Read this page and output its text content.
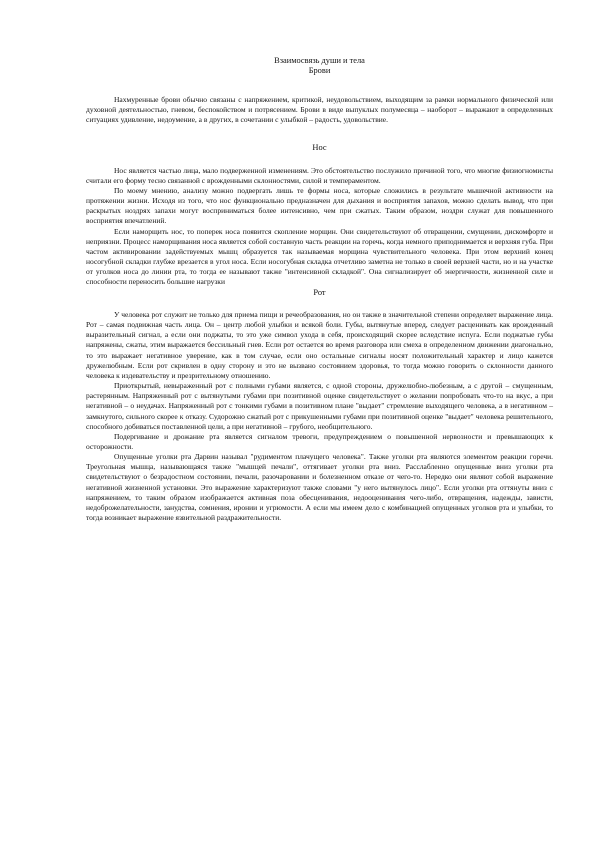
Взаимосвязь души и тела
Брови

Нахмуренные брови обычно связаны с напряжением, критикой, неудовольствием, выходящим за рамки нормального физической или духовной деятельностью, гневом, беспокойством и потрясением. Брови в виде выпуклых полумесяца – наоборот – выражают в определенных ситуациях удивление, недоумение, а в других, в сочетании с улыбкой – радость, удовольствие.

Нос

Нос является частью лица, мало подверженной изменениям. Это обстоятельство послужило причиной того, что многие физиогномисты считали его форму тесно связанной с врожденными склонностями, силой и темпераментом.

По моему мнению, анализу можно подвергать лишь те формы носа, которые сложились в результате мышечной активности на протяжении жизни. Исходя из того, что нос функционально предназначен для дыхания и восприятия запахов, можно сделать вывод, что при раскрытых ноздрях запахи могут восприниматься более интенсивно, чем при сжатых. Таким образом, ноздри служат для повышенного восприятия впечатлений.

Если наморщить нос, то поперек носа появится скопление морщин. Они свидетельствуют об отвращении, смущении, дискомфорте и неприязни. Процесс наморщивания носа является собой составную часть реакции на горечь, когда немного приподнимается и верхняя губа. При частом активировании задействуемых мышц образуется так называемая морщина чувствительного человека. При этом верхний конец носогубной складки глубже врезается в угол носа. Если носогубная складка отчетливо заметна не только в своей верхней части, но и на участке от уголков носа до линии рта, то тогда ее называют также "интенсивной складкой". Она сигнализирует об энергичности, жизненной силе и способности переносить большие нагрузки

Рот

У человека рот служит не только для приема пищи и речеобразования, но он также в значительной степени определяет выражение лица. Рот – самая подвижная часть лица. Он – центр любой улыбки и всякой боли. Губы, вытянутые вперед, следует расценивать как врожденный выразительный сигнал, а если они поджаты, то это уже символ ухода в себя, происходящий скорее вследствие испуга. Если поджатые губы напряжены, сжаты, этим выражается бессильный гнев. Если рот остается во время разговора или смеха в определенном движении диагонально, то это выражает негативное уверение, как в том случае, если оно остальные сигналы носят положительный характер и лицо кажется дружелюбным. Если рот скривлен в одну сторону и это не вызвано состоянием здоровья, то тогда можно говорить о склонности данного человека к издевательству и презрительному отношению.

Приоткрытый, невыраженный рот с полными губами является, с одной стороны, дружелюбно-любезным, а с другой – смущенным, растерянным. Напряженный рот с вытянутыми губами при позитивной оценке свидетельствует о желании попробовать что-то на вкус, а при негативной – о неудачах. Напряженный рот с тонкими губами в позитивном плане "выдает" стремление выходящего человека, а в негативном – замкнутого, сильного скорее к отказу. Судорожно сжатый рот с прикушенными губами при позитивной оценке "выдает" человека решительного, способного добиваться поставленной цели, а при негативной – грубого, необщительного.

Подергивание и дрожание рта является сигналом тревоги, предупреждением о повышенной нервозности и превышающих к осторожности.

Опущенные уголки рта Дарвин называл "рудиментом плачущего человека". Также уголки рта являются элементом реакции горечи. Треугольная мышца, называющаяся также "мышцей печали", оттягивает уголки рта вниз. Расслабленно опущенные вниз уголки рта свидетельствуют о безрадостном состоянии, печали, разочаровании и болезненном отказе от чего-то. Нередко они являют собой выражение негативной жизненной установки. Это выражение характеризуют также словами "у него вытянулось лицо". Если уголки рта оттянуты вниз с напряжением, то таким образом изображается активная поза обесценивания, недооценивания чего-либо, отвращения, надежды, зависти, недоброжелательности, занудства, сомнения, иронии и угрюмости. А если мы имеем дело с комбинацией опущенных уголков рта и улыбки, то тогда возникает выражение язвительной раздражительности.
